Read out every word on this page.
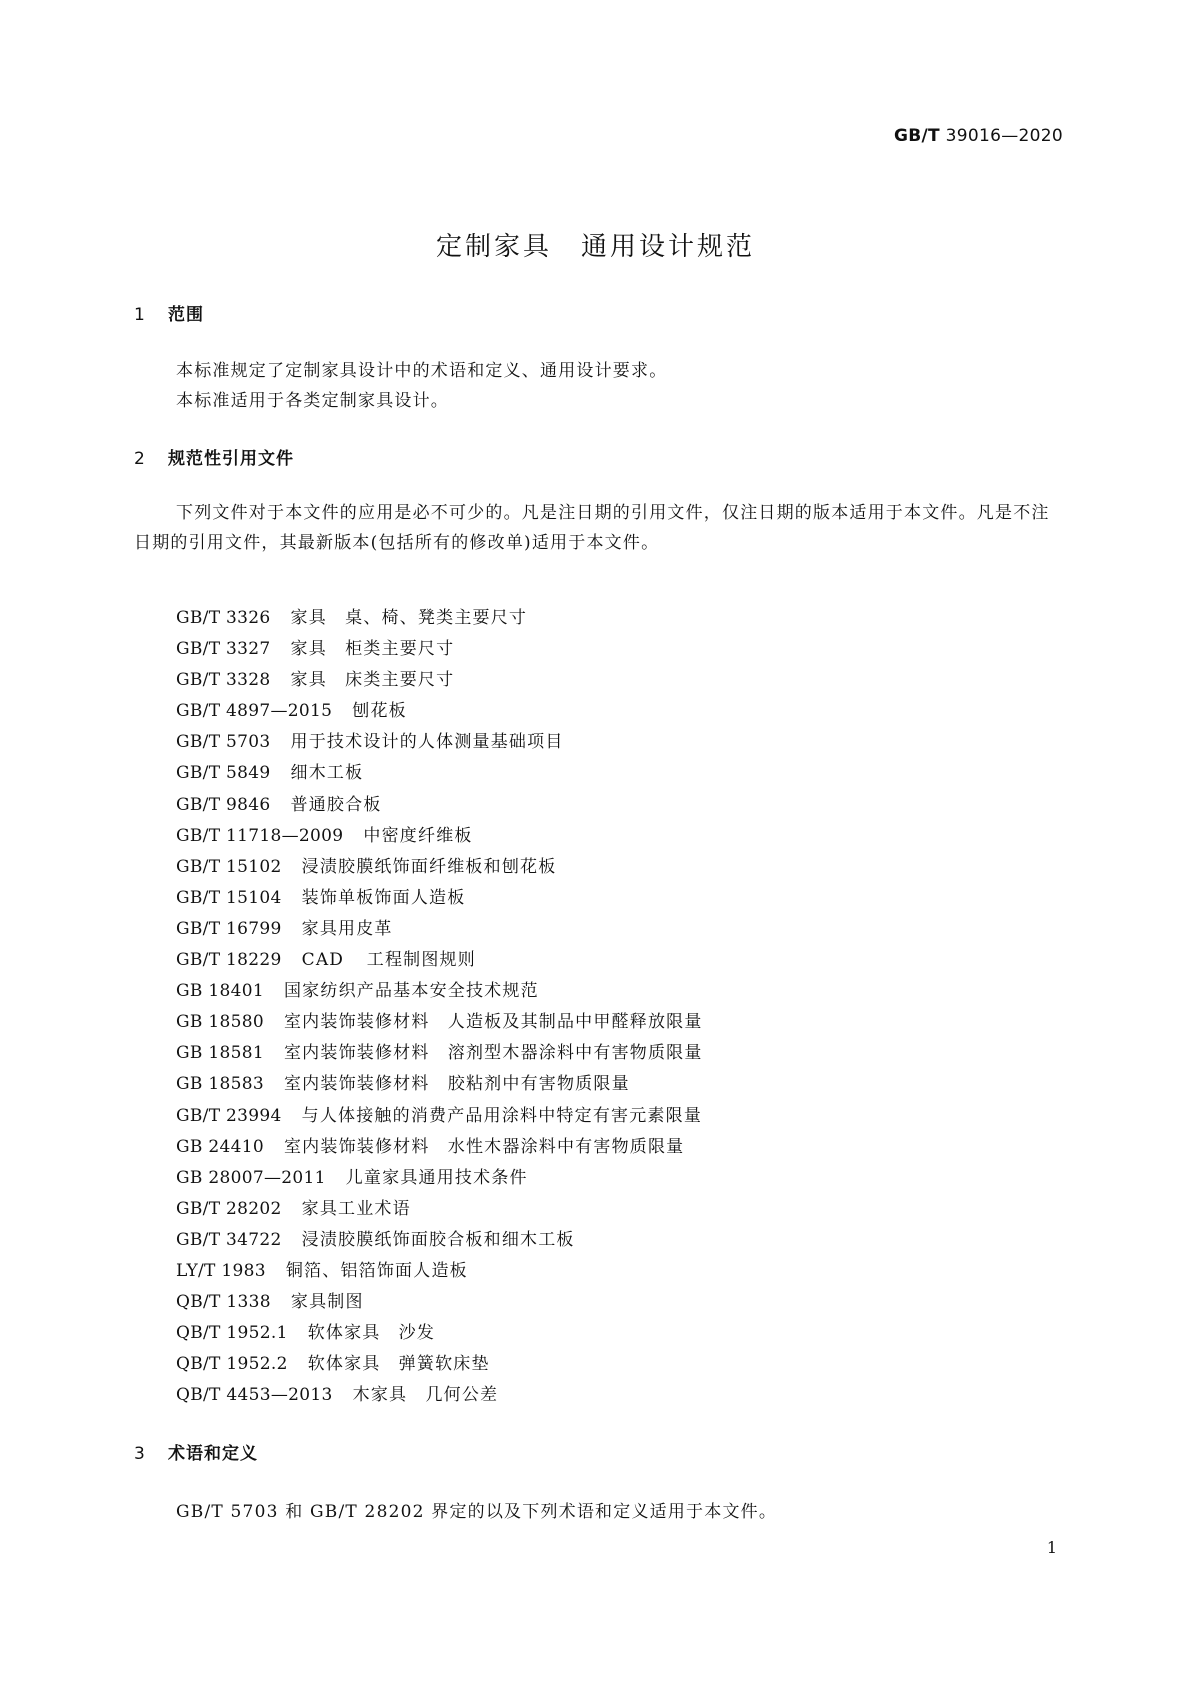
GB/T 39016—2020
定制家具　通用设计规范
1 范围

本标准规定了定制家具设计中的术语和定义、通用设计要求。

本标准适用于各类定制家具设计。

2 规范性引用文件

下列文件对于本文件的应用是必不可少的。凡是注日期的引用文件，仅注日期的版本适用于本文件。凡是不注日期的引用文件，其最新版本(包括所有的修改单)适用于本文件。

GB/T 3326 家具　桌、椅、凳类主要尺寸
GB/T 3327 家具　柜类主要尺寸
GB/T 3328 家具　床类主要尺寸
GB/T 4897—2015 刨花板
GB/T 5703 用于技术设计的人体测量基础项目
GB/T 5849 细木工板
GB/T 9846 普通胶合板
GB/T 11718—2009 中密度纤维板
GB/T 15102 浸渍胶膜纸饰面纤维板和刨花板
GB/T 15104 装饰单板饰面人造板
GB/T 16799 家具用皮革
GB/T 18229 CAD 工程制图规则
GB 18401 国家纺织产品基本安全技术规范
GB 18580 室内装饰装修材料　人造板及其制品中甲醛释放限量
GB 18581 室内装饰装修材料　溶剂型木器涂料中有害物质限量
GB 18583 室内装饰装修材料　胶粘剂中有害物质限量
GB/T 23994 与人体接触的消费产品用涂料中特定有害元素限量
GB 24410 室内装饰装修材料　水性木器涂料中有害物质限量
GB 28007—2011 儿童家具通用技术条件
GB/T 28202 家具工业术语
GB/T 34722 浸渍胶膜纸饰面胶合板和细木工板
LY/T 1983 铜箔、铝箔饰面人造板
QB/T 1338 家具制图
QB/T 1952.1 软体家具　沙发
QB/T 1952.2 软体家具　弹簧软床垫
QB/T 4453—2013 木家具　几何公差
3 术语和定义

GB/T 5703 和 GB/T 28202 界定的以及下列术语和定义适用于本文件。

1
